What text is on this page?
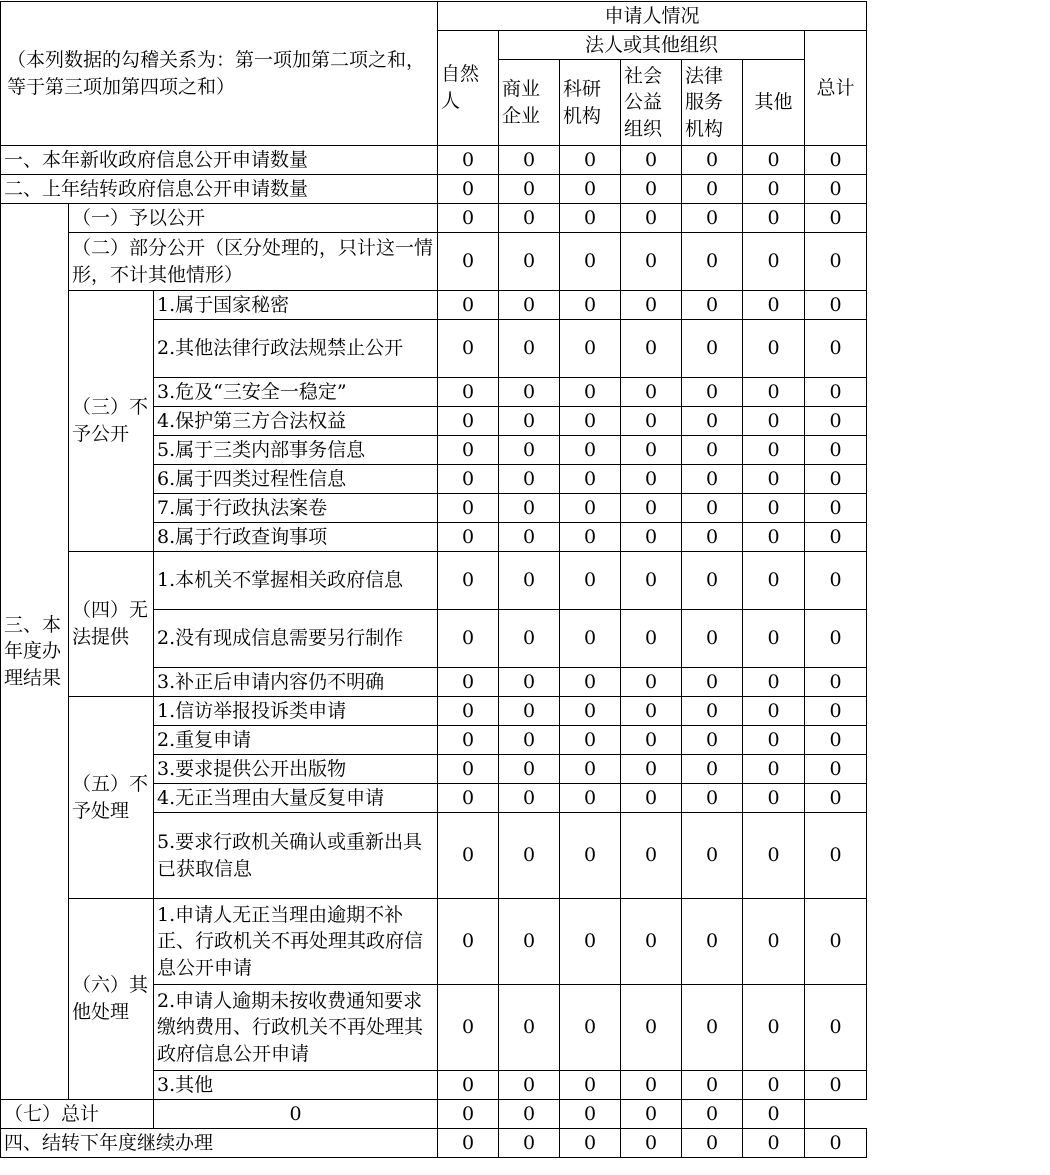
（本列数据的勾稽关系为：第一项加第二项之和，等于第三项加第四项之和）			申请人情况						
			自然人	法人或其他组织					总计
				商业企业	科研机构	社会公益组织	法律服务机构	其他	
一、本年新收政府信息公开申请数量			0	0	0	0	0	0	0
二、上年结转政府信息公开申请数量			0	0	0	0	0	0	0
三、本年度办理结果	（一）予以公开		0	0	0	0	0	0	0
	（二）部分公开（区分处理的，只计这一情形，不计其他情形）		0	0	0	0	0	0	0
	（三）不予公开	1.属于国家秘密	0	0	0	0	0	0	0
		2.其他法律行政法规禁止公开	0	0	0	0	0	0	0
		3.危及“三安全一稳定”	0	0	0	0	0	0	0
		4.保护第三方合法权益	0	0	0	0	0	0	0
		5.属于三类内部事务信息	0	0	0	0	0	0	0
		6.属于四类过程性信息	0	0	0	0	0	0	0
		7.属于行政执法案卷	0	0	0	0	0	0	0
		8.属于行政查询事项	0	0	0	0	0	0	0
	（四）无法提供	1.本机关不掌握相关政府信息	0	0	0	0	0	0	0
		2.没有现成信息需要另行制作	0	0	0	0	0	0	0
		3.补正后申请内容仍不明确	0	0	0	0	0	0	0
	（五）不予处理	1.信访举报投诉类申请	0	0	0	0	0	0	0
		2.重复申请	0	0	0	0	0	0	0
		3.要求提供公开出版物	0	0	0	0	0	0	0
		4.无正当理由大量反复申请	0	0	0	0	0	0	0
		5.要求行政机关确认或重新出具已获取信息	0	0	0	0	0	0	0
	（六）其他处理	1.申请人无正当理由逾期不补正、行政机关不再处理其政府信息公开申请	0	0	0	0	0	0	0
		2.申请人逾期未按收费通知要求缴纳费用、行政机关不再处理其政府信息公开申请	0	0	0	0	0	0	0
		3.其他	0	0	0	0	0	0	0
（七）总计		0	0	0	0	0	0	0	
四、结转下年度继续办理			0	0	0	0	0	0	0
